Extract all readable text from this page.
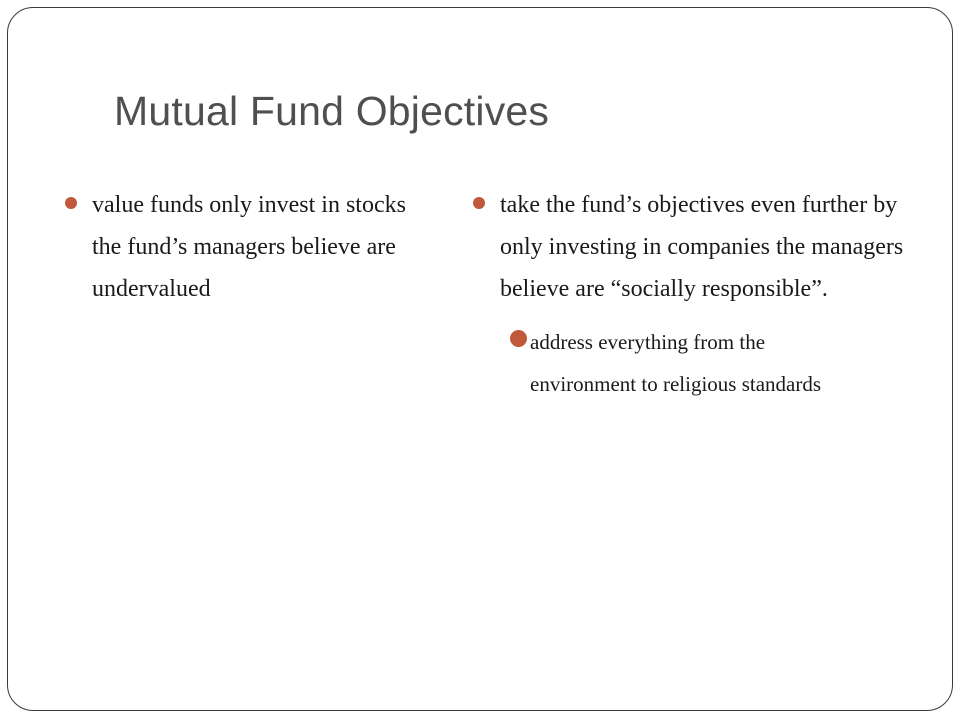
Mutual Fund Objectives
value funds only invest in stocks the fund’s managers believe are undervalued
take the fund’s objectives even further by only investing in companies the managers believe are “socially responsible”.
address everything from the environment to religious standards
